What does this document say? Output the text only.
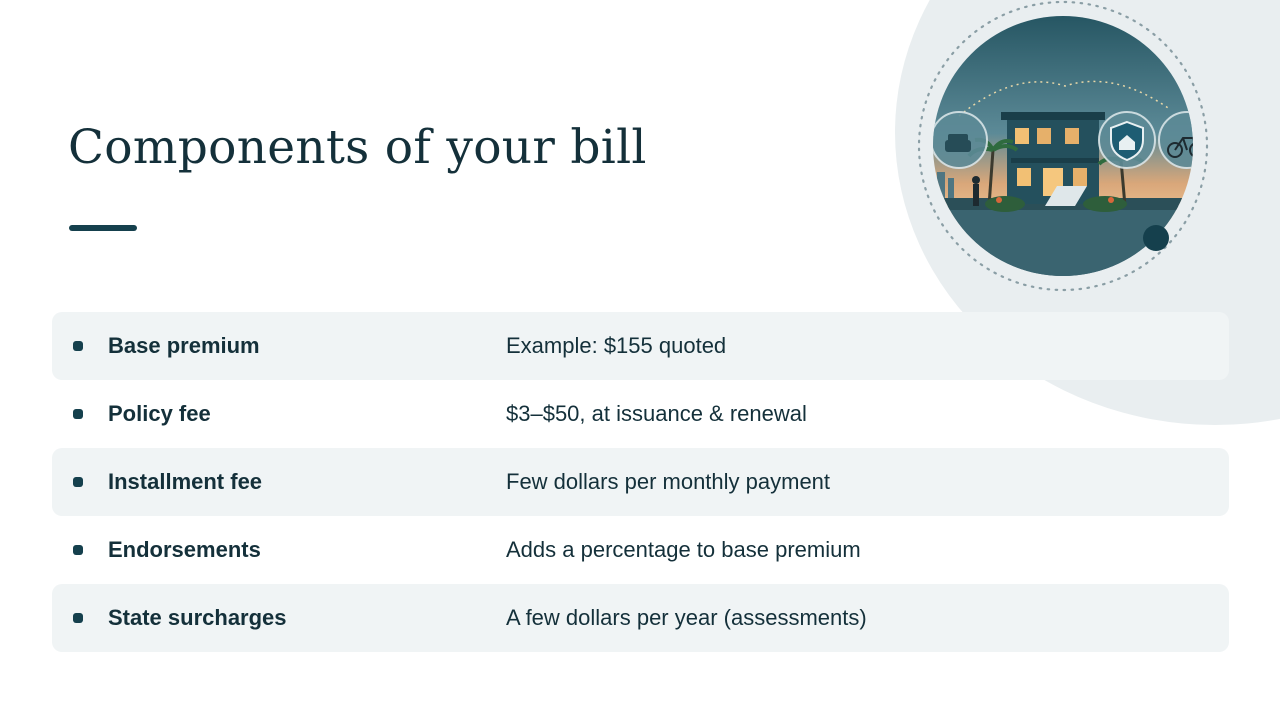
Components of your bill
Base premium	Example: $155 quoted
Policy fee	$3–$50, at issuance & renewal
Installment fee	Few dollars per monthly payment
Endorsements	Adds a percentage to base premium
State surcharges	A few dollars per year (assessments)
